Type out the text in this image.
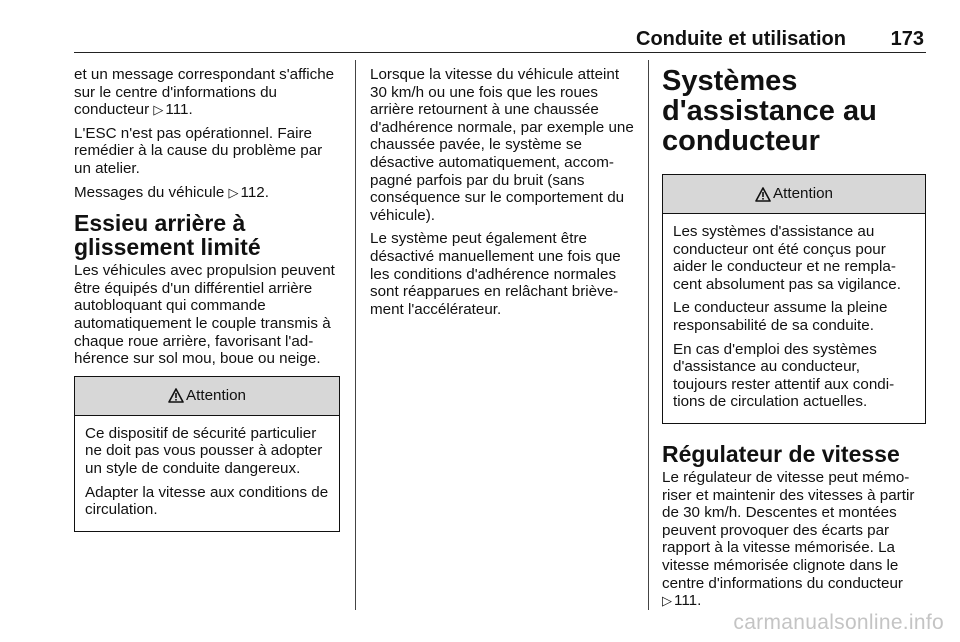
Conduite et utilisation 173

et un message correspondant s'affiche sur le centre d'informations du conducteur ▷ 111.

L'ESC n'est pas opérationnel. Faire remédier à la cause du problème par un atelier.

Messages du véhicule ▷ 112.

Essieu arrière à glissement limité

Les véhicules avec propulsion peuvent être équipés d'un différentiel arrière autobloquant qui commande automatiquement le couple transmis à chaque roue arrière, favorisant l'adhérence sur sol mou, boue ou neige.

Attention

Ce dispositif de sécurité particulier ne doit pas vous pousser à adopter un style de conduite dangereux.

Adapter la vitesse aux conditions de circulation.

Lorsque la vitesse du véhicule atteint 30 km/h ou une fois que les roues arrière retournent à une chaussée d'adhérence normale, par exemple une chaussée pavée, le système se désactive automatiquement, accompagné parfois par du bruit (sans conséquence sur le comportement du véhicule).

Le système peut également être désactivé manuellement une fois que les conditions d'adhérence normales sont réapparues en relâchant brièvement l'accélérateur.

Systèmes d'assistance au conducteur
Attention

Les systèmes d'assistance au conducteur ont été conçus pour aider le conducteur et ne remplacent absolument pas sa vigilance.

Le conducteur assume la pleine responsabilité de sa conduite.

En cas d'emploi des systèmes d'assistance au conducteur, toujours rester attentif aux conditions de circulation actuelles.

Régulateur de vitesse

Le régulateur de vitesse peut mémoriser et maintenir des vitesses à partir de 30 km/h. Descentes et montées peuvent provoquer des écarts par rapport à la vitesse mémorisée. La vitesse mémorisée clignote dans le centre d'informations du conducteur ▷ 111.

carmanualsonline.info
